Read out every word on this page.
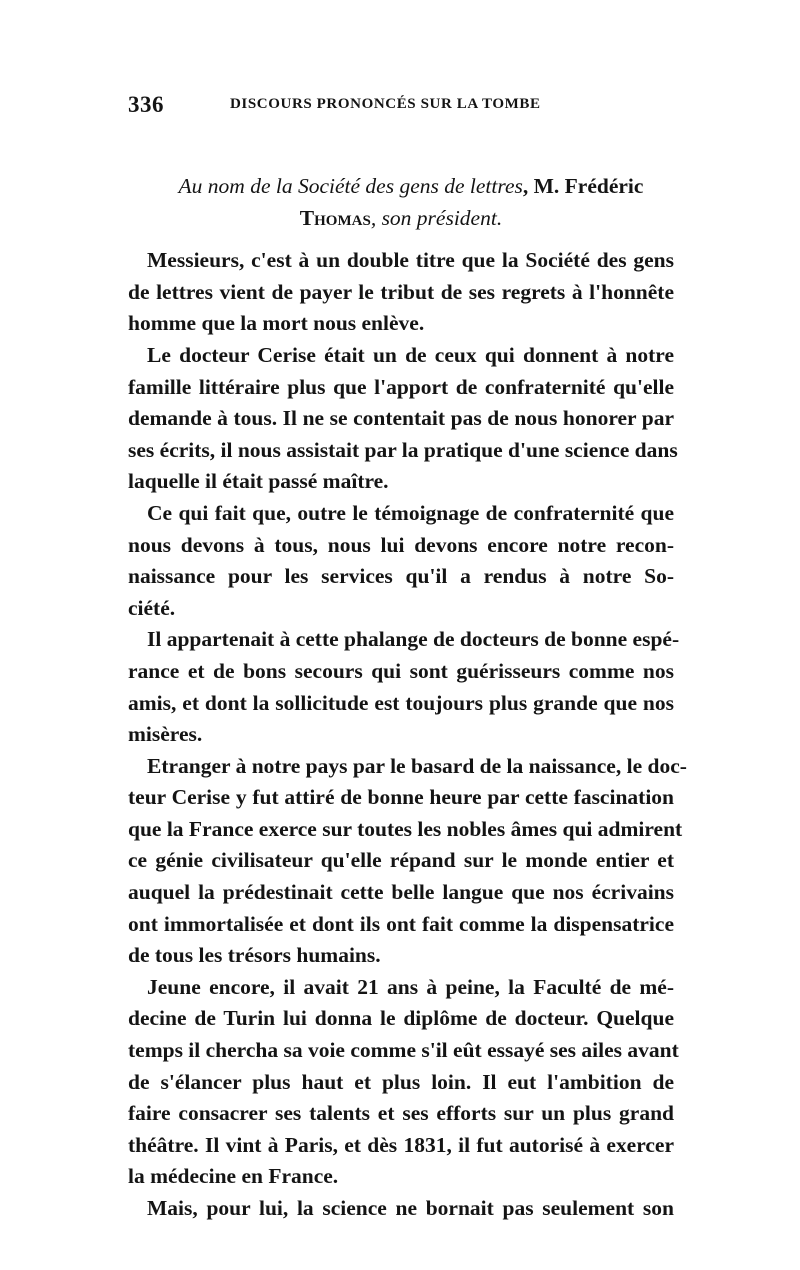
336	DISCOURS PRONONCÉS SUR LA TOMBE
Au nom de la Société des gens de lettres, M. Frédéric
Thomas, son président.
Messieurs, c'est à un double titre que la Société des gens
de lettres vient de payer le tribut de ses regrets à l'honnête
homme que la mort nous enlève.
Le docteur Cerise était un de ceux qui donnent à notre
famille littéraire plus que l'apport de confraternité qu'elle
demande à tous. Il ne se contentait pas de nous honorer par
ses écrits, il nous assistait par la pratique d'une science dans
laquelle il était passé maître.
Ce qui fait que, outre le témoignage de confraternité que
nous devons à tous, nous lui devons encore notre recon-
naissance pour les services qu'il a rendus à notre So-
ciété.
Il appartenait à cette phalange de docteurs de bonne espé-
rance et de bons secours qui sont guérisseurs comme nos
amis, et dont la sollicitude est toujours plus grande que nos
misères.
Etranger à notre pays par le basard de la naissance, le doc-
teur Cerise y fut attiré de bonne heure par cette fascination
que la France exerce sur toutes les nobles âmes qui admirent
ce génie civilisateur qu'elle répand sur le monde entier et
auquel la prédestinait cette belle langue que nos écrivains
ont immortalisée et dont ils ont fait comme la dispensatrice
de tous les trésors humains.
Jeune encore, il avait 21 ans à peine, la Faculté de mé-
decine de Turin lui donna le diplôme de docteur. Quelque
temps il chercha sa voie comme s'il eût essayé ses ailes avant
de s'élancer plus haut et plus loin. Il eut l'ambition de
faire consacrer ses talents et ses efforts sur un plus grand
théâtre. Il vint à Paris, et dès 1831, il fut autorisé à exercer
la médecine en France.
Mais, pour lui, la science ne bornait pas seulement son
